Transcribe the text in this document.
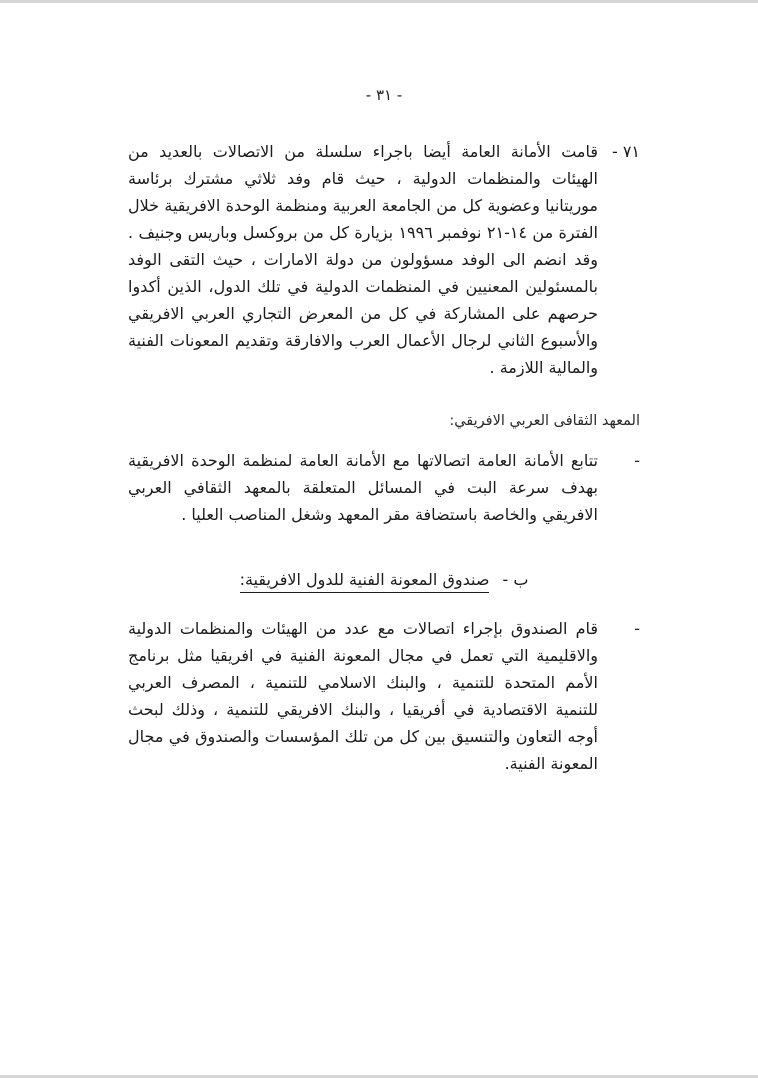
- ٣١ -
٧١ -
قامت الأمانة العامة أيضا باجراء سلسلة من الاتصالات بالعديد من الهيئات والمنظمات الدولية ، حيث قام وفد ثلاثي مشترك برئاسة موريتانيا وعضوية كل من الجامعة العربية ومنظمة الوحدة الافريقية خلال الفترة من ١٤-٢١ نوفمبر ١٩٩٦ بزيارة كل من بروكسل وباريس وجنيف . وقد انضم الى الوفد مسؤولون من دولة الامارات ، حيث التقى الوفد بالمسئولين المعنيين في المنظمات الدولية في تلك الدول، الذين أكدوا حرصهم على المشاركة في كل من المعرض التجاري العربي الافريقي والأسبوع الثاني لرجال الأعمال العرب والافارقة وتقديم المعونات الفنية والمالية اللازمة .
المعهد الثقافى العربي الافريقي:
-
تتابع الأمانة العامة اتصالاتها مع الأمانة العامة لمنظمة الوحدة الافريقية بهدف سرعة البت في المسائل المتعلقة بالمعهد الثقافي العربي الافريقي والخاصة باستضافة مقر المعهد وشغل المناصب العليا .
ب - صندوق المعونة الفنية للدول الافريقية:
-
قام الصندوق بإجراء اتصالات مع عدد من الهيئات والمنظمات الدولية والاقليمية التي تعمل في مجال المعونة الفنية في افريقيا مثل برنامج الأمم المتحدة للتنمية ، والبنك الاسلامي للتنمية ، المصرف العربي للتنمية الاقتصادية في أفريقيا ، والبنك الافريقي للتنمية ، وذلك لبحث أوجه التعاون والتنسيق بين كل من تلك المؤسسات والصندوق في مجال المعونة الفنية.
